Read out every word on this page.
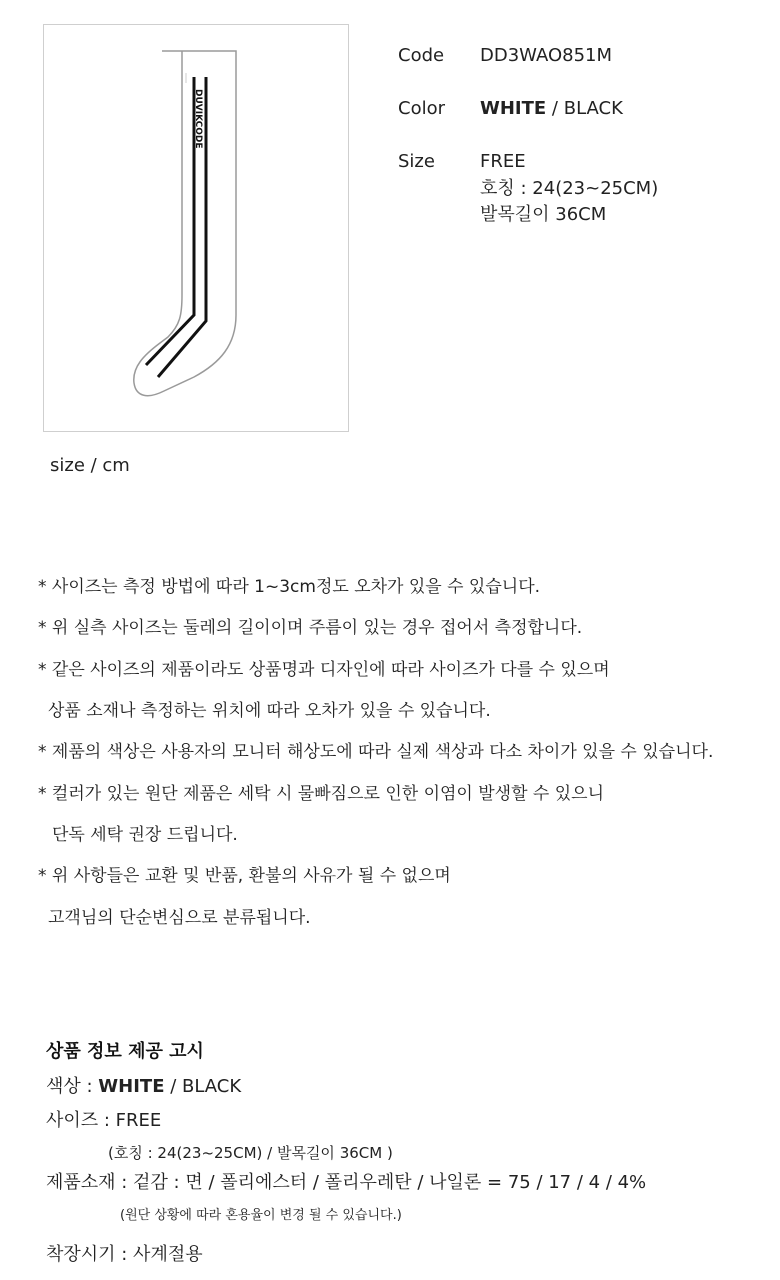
DUVIKCODE
Code DD3WAO851M
Color WHITE / BLACK
Size	FREE
호칭 : 24(23~25CM)
발목길이 36CM
size / cm
* 사이즈는 측정 방법에 따라 1~3cm정도 오차가 있을 수 있습니다.
* 위 실측 사이즈는 둘레의 길이이며 주름이 있는 경우 접어서 측정합니다.
* 같은 사이즈의 제품이라도 상품명과 디자인에 따라 사이즈가 다를 수 있으며
상품 소재나 측정하는 위치에 따라 오차가 있을 수 있습니다.
* 제품의 색상은 사용자의 모니터 해상도에 따라 실제 색상과 다소 차이가 있을 수 있습니다.
* 컬러가 있는 원단 제품은 세탁 시 물빠짐으로 인한 이염이 발생할 수 있으니
단독 세탁 권장 드립니다.
* 위 사항들은 교환 및 반품, 환불의 사유가 될 수 없으며
고객님의 단순변심으로 분류됩니다.
상품 정보 제공 고시
색상 : WHITE / BLACK
사이즈 : FREE
(호칭 : 24(23~25CM) / 발목길이 36CM )
제품소재 : 겉감 : 면 / 폴리에스터 / 폴리우레탄 / 나일론 = 75 / 17 / 4 / 4%
(원단 상황에 따라 혼용율이 변경 될 수 있습니다.)
착장시기 : 사계절용
